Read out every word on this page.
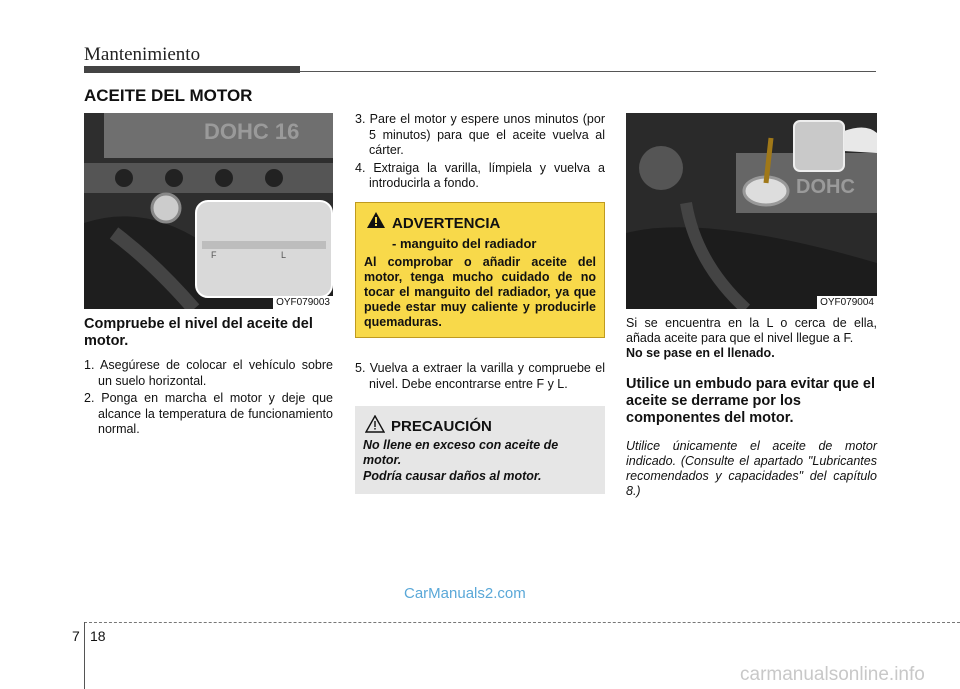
Mantenimiento
ACEITE DEL MOTOR
DOHC 16
F	L
OYF079003
Compruebe el nivel del aceite del motor.

1. Asegúrese de colocar el vehículo sobre un suelo horizontal.

2. Ponga en marcha el motor y deje que alcance la temperatura de funcionamiento normal.

3. Pare el motor y espere unos minutos (por 5 minutos) para que el aceite vuelva al cárter.

4. Extraiga la varilla, límpiela y vuelva a introducirla a fondo.

ADVERTENCIA
- manguito del radiador
Al comprobar o añadir aceite del motor, tenga mucho cuidado de no tocar el manguito del radiador, ya que puede estar muy caliente y producirle quemaduras.

5. Vuelva a extraer la varilla y compruebe el nivel. Debe encontrarse entre F y L.

PRECAUCIÓN
No llene en exceso con aceite de motor.
Podría causar daños al motor.
DOHC
OYF079004
Si se encuentra en la L o cerca de ella, añada aceite para que el nivel llegue a F.
No se pase en el llenado.
Utilice un embudo para evitar que el aceite se derrame por los componentes del motor.
Utilice únicamente el aceite de motor indicado. (Consulte el apartado "Lubricantes recomendados y capacidades" del capítulo 8.)
CarManuals2.com
carmanualsonline.info
7 18
